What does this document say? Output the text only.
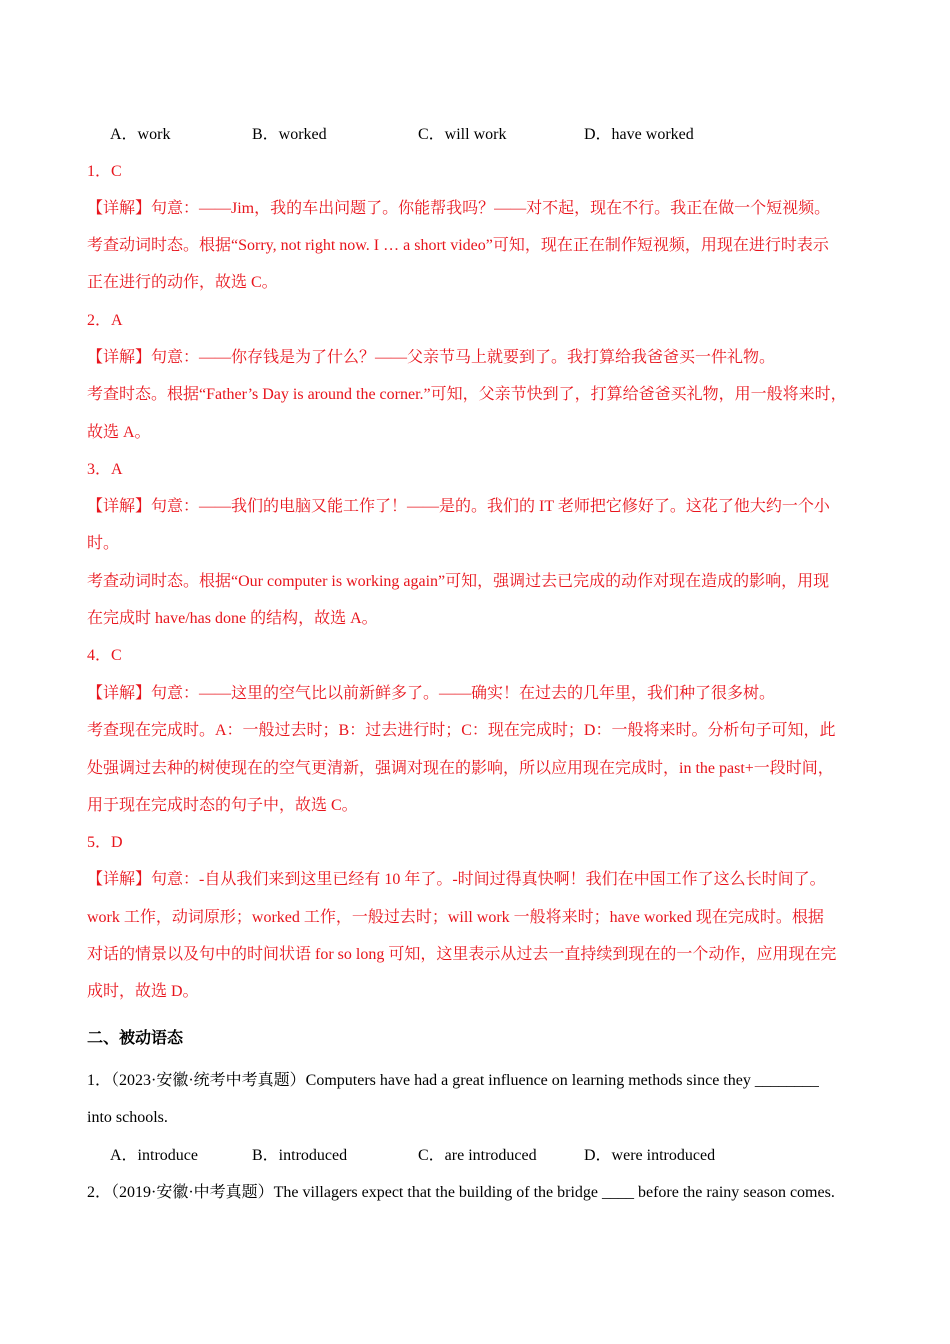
A．work	B．worked	C．will work	D．have worked
1．C
【详解】句意：——Jim，我的车出问题了。你能帮我吗？——对不起，现在不行。我正在做一个短视频。
考查动词时态。根据“Sorry, not right now. I … a short video”可知，现在正在制作短视频，用现在进行时表示
正在进行的动作，故选 C。
2．A
【详解】句意：——你存钱是为了什么？——父亲节马上就要到了。我打算给我爸爸买一件礼物。
考查时态。根据“Father’s Day is around the corner.”可知，父亲节快到了，打算给爸爸买礼物，用一般将来时，
故选 A。
3．A
【详解】句意：——我们的电脑又能工作了！——是的。我们的 IT 老师把它修好了。这花了他大约一个小
时。
考查动词时态。根据“Our computer is working again”可知，强调过去已完成的动作对现在造成的影响，用现
在完成时 have/has done 的结构，故选 A。
4．C
【详解】句意：——这里的空气比以前新鲜多了。——确实！在过去的几年里，我们种了很多树。
考查现在完成时。A：一般过去时；B：过去进行时；C：现在完成时；D：一般将来时。分析句子可知，此
处强调过去种的树使现在的空气更清新，强调对现在的影响，所以应用现在完成时，in the past+一段时间，
用于现在完成时态的句子中，故选 C。
5．D
【详解】句意：-自从我们来到这里已经有 10 年了。-时间过得真快啊！我们在中国工作了这么长时间了。
work 工作，动词原形；worked 工作，一般过去时；will work 一般将来时；have worked 现在完成时。根据
对话的情景以及句中的时间状语 for so long 可知，这里表示从过去一直持续到现在的一个动作，应用现在完
成时，故选 D。
二、被动语态
1．（2023·安徽·统考中考真题）Computers have had a great influence on learning methods since they ________
into schools.
A．introduce	B．introduced	C．are introduced	D．were introduced
2．（2019·安徽·中考真题）The villagers expect that the building of the bridge ____ before the rainy season comes.
